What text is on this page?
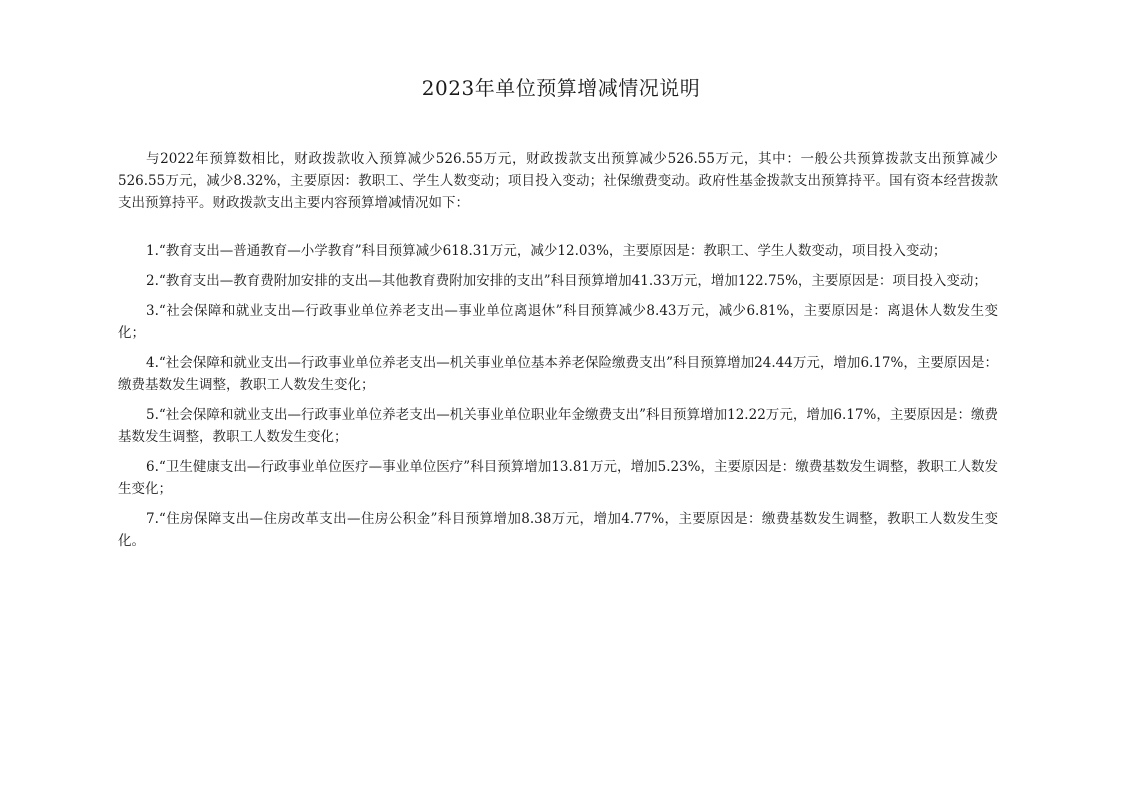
2023年单位预算增减情况说明

与2022年预算数相比，财政拨款收入预算减少526.55万元，财政拨款支出预算减少526.55万元，其中：一般公共预算拨款支出预算减少526.55万元，减少8.32%，主要原因：教职工、学生人数变动；项目投入变动；社保缴费变动。政府性基金拨款支出预算持平。国有资本经营拨款支出预算持平。财政拨款支出主要内容预算增减情况如下：

1.“教育支出—普通教育—小学教育”科目预算减少618.31万元，减少12.03%，主要原因是：教职工、学生人数变动，项目投入变动；

2.“教育支出—教育费附加安排的支出—其他教育费附加安排的支出”科目预算增加41.33万元，增加122.75%，主要原因是：项目投入变动；

3.“社会保障和就业支出—行政事业单位养老支出—事业单位离退休”科目预算减少8.43万元，减少6.81%，主要原因是：离退休人数发生变化；

4.“社会保障和就业支出—行政事业单位养老支出—机关事业单位基本养老保险缴费支出”科目预算增加24.44万元，增加6.17%，主要原因是：缴费基数发生调整，教职工人数发生变化；

5.“社会保障和就业支出—行政事业单位养老支出—机关事业单位职业年金缴费支出”科目预算增加12.22万元，增加6.17%，主要原因是：缴费基数发生调整，教职工人数发生变化；

6.“卫生健康支出—行政事业单位医疗—事业单位医疗”科目预算增加13.81万元，增加5.23%，主要原因是：缴费基数发生调整，教职工人数发生变化；

7.“住房保障支出—住房改革支出—住房公积金”科目预算增加8.38万元，增加4.77%，主要原因是：缴费基数发生调整，教职工人数发生变化。
